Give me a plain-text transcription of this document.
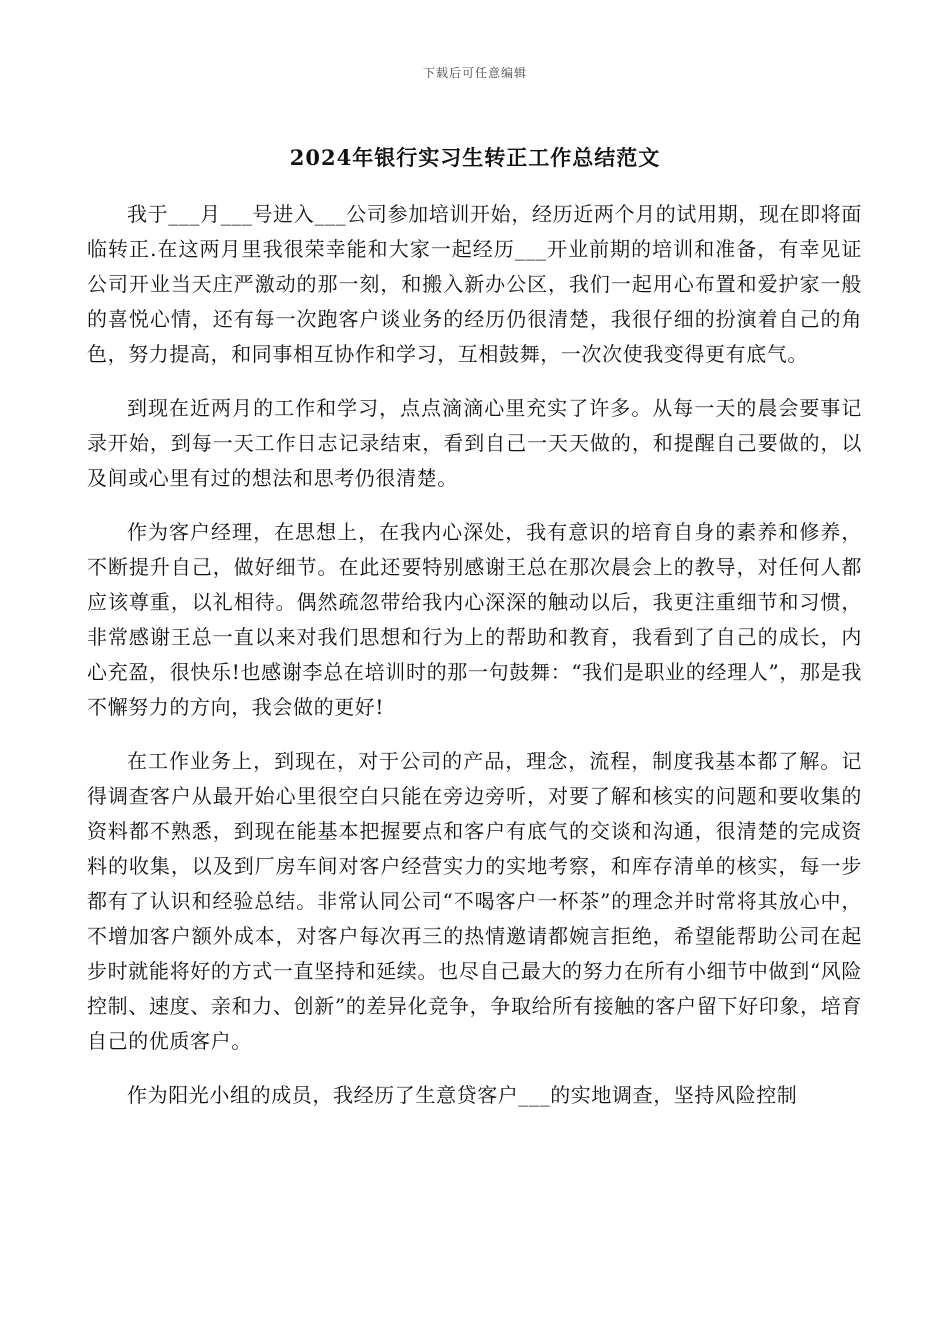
下载后可任意编辑
2024年银行实习生转正工作总结范文

我于___月___号进入___公司参加培训开始，经历近两个月的试用期，现在即将面临转正.在这两月里我很荣幸能和大家一起经历___开业前期的培训和准备，有幸见证公司开业当天庄严激动的那一刻，和搬入新办公区，我们一起用心布置和爱护家一般的喜悦心情，还有每一次跑客户谈业务的经历仍很清楚，我很仔细的扮演着自己的角色，努力提高，和同事相互协作和学习，互相鼓舞，一次次使我变得更有底气。

到现在近两月的工作和学习，点点滴滴心里充实了许多。从每一天的晨会要事记录开始，到每一天工作日志记录结束，看到自己一天天做的，和提醒自己要做的，以及间或心里有过的想法和思考仍很清楚。

作为客户经理，在思想上，在我内心深处，我有意识的培育自身的素养和修养，不断提升自己，做好细节。在此还要特别感谢王总在那次晨会上的教导，对任何人都应该尊重，以礼相待。偶然疏忽带给我内心深深的触动以后，我更注重细节和习惯，非常感谢王总一直以来对我们思想和行为上的帮助和教育，我看到了自己的成长，内心充盈，很快乐!也感谢李总在培训时的那一句鼓舞：“我们是职业的经理人”，那是我不懈努力的方向，我会做的更好!

在工作业务上，到现在，对于公司的产品，理念，流程，制度我基本都了解。记得调查客户从最开始心里很空白只能在旁边旁听，对要了解和核实的问题和要收集的资料都不熟悉，到现在能基本把握要点和客户有底气的交谈和沟通，很清楚的完成资料的收集，以及到厂房车间对客户经营实力的实地考察，和库存清单的核实，每一步都有了认识和经验总结。非常认同公司“不喝客户一杯茶”的理念并时常将其放心中，不增加客户额外成本，对客户每次再三的热情邀请都婉言拒绝，希望能帮助公司在起步时就能将好的方式一直坚持和延续。也尽自己最大的努力在所有小细节中做到“风险控制、速度、亲和力、创新”的差异化竞争，争取给所有接触的客户留下好印象，培育自己的优质客户。

作为阳光小组的成员，我经历了生意贷客户___的实地调查，坚持风险控制
